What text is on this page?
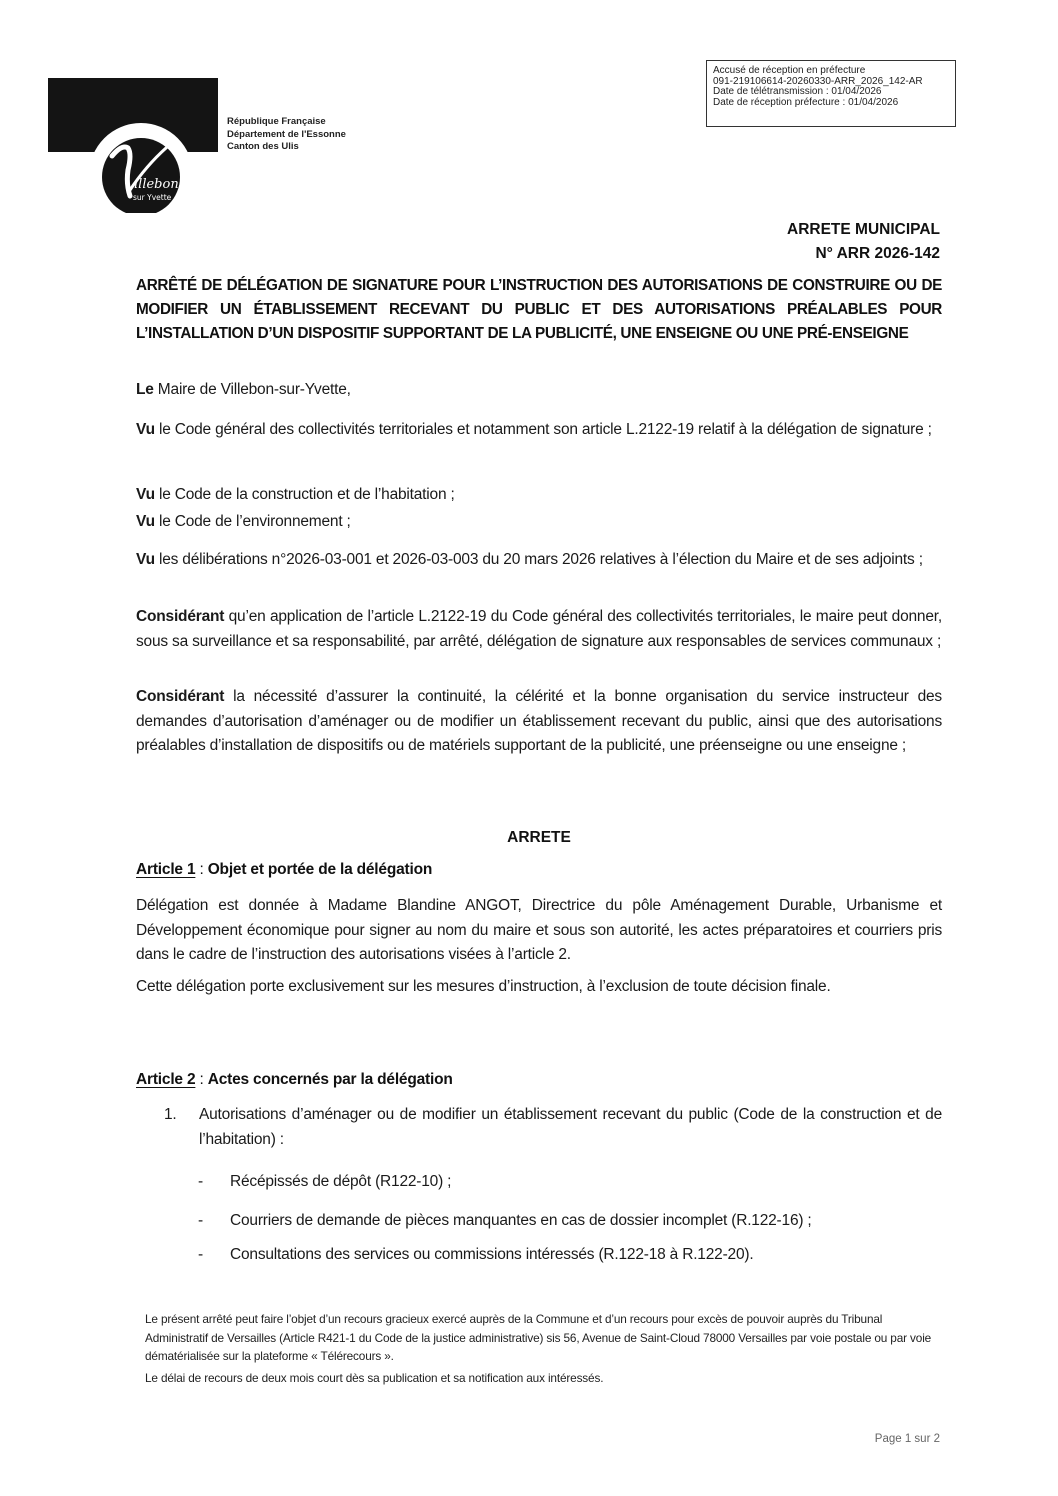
illebon
sur Yvette
République Française
Département de l'Essonne
Canton des Ulis
Accusé de réception en préfecture
091-219106614-20260330-ARR_2026_142-AR
Date de télétransmission : 01/04/2026
Date de réception préfecture : 01/04/2026
ARRETE MUNICIPAL
N° ARR 2026-142
ARRÊTÉ DE DÉLÉGATION DE SIGNATURE POUR L’INSTRUCTION DES AUTORISATIONS DE CONSTRUIRE OU DE MODIFIER UN ÉTABLISSEMENT RECEVANT DU PUBLIC ET DES AUTORISATIONS PRÉALABLES POUR L’INSTALLATION D’UN DISPOSITIF SUPPORTANT DE LA PUBLICITÉ, UNE ENSEIGNE OU UNE PRÉ-ENSEIGNE
Le Maire de Villebon-sur-Yvette,
Vu le Code général des collectivités territoriales et notamment son article L.2122-19 relatif à la délégation de signature ;
Vu le Code de la construction et de l’habitation ;
Vu le Code de l’environnement ;
Vu les délibérations n°2026-03-001 et 2026-03-003 du 20 mars 2026 relatives à l’élection du Maire et de ses adjoints ;
Considérant qu’en application de l’article L.2122-19 du Code général des collectivités territoriales, le maire peut donner, sous sa surveillance et sa responsabilité, par arrêté, délégation de signature aux responsables de services communaux ;
Considérant la nécessité d’assurer la continuité, la célérité et la bonne organisation du service instructeur des demandes d’autorisation d’aménager ou de modifier un établissement recevant du public, ainsi que des autorisations préalables d’installation de dispositifs ou de matériels supportant de la publicité, une préenseigne ou une enseigne ;
ARRETE
Article 1 : Objet et portée de la délégation
Délégation est donnée à Madame Blandine ANGOT, Directrice du pôle Aménagement Durable, Urbanisme et Développement économique pour signer au nom du maire et sous son autorité, les actes préparatoires et courriers pris dans le cadre de l’instruction des autorisations visées à l’article 2.
Cette délégation porte exclusivement sur les mesures d’instruction, à l’exclusion de toute décision finale.
Article 2 : Actes concernés par la délégation
1.	Autorisations d’aménager ou de modifier un établissement recevant du public (Code de la construction et de l’habitation) :
-	Récépissés de dépôt (R122-10) ;
-	Courriers de demande de pièces manquantes en cas de dossier incomplet (R.122-16) ;
-	Consultations des services ou commissions intéressés (R.122-18 à R.122-20).
Le présent arrêté peut faire l’objet d’un recours gracieux exercé auprès de la Commune et d’un recours pour excès de pouvoir auprès du Tribunal Administratif de Versailles (Article R421-1 du Code de la justice administrative) sis 56, Avenue de Saint-Cloud 78000 Versailles par voie postale ou par voie dématérialisée sur la plateforme « Télérecours ».
Le délai de recours de deux mois court dès sa publication et sa notification aux intéressés.
Page 1 sur 2
